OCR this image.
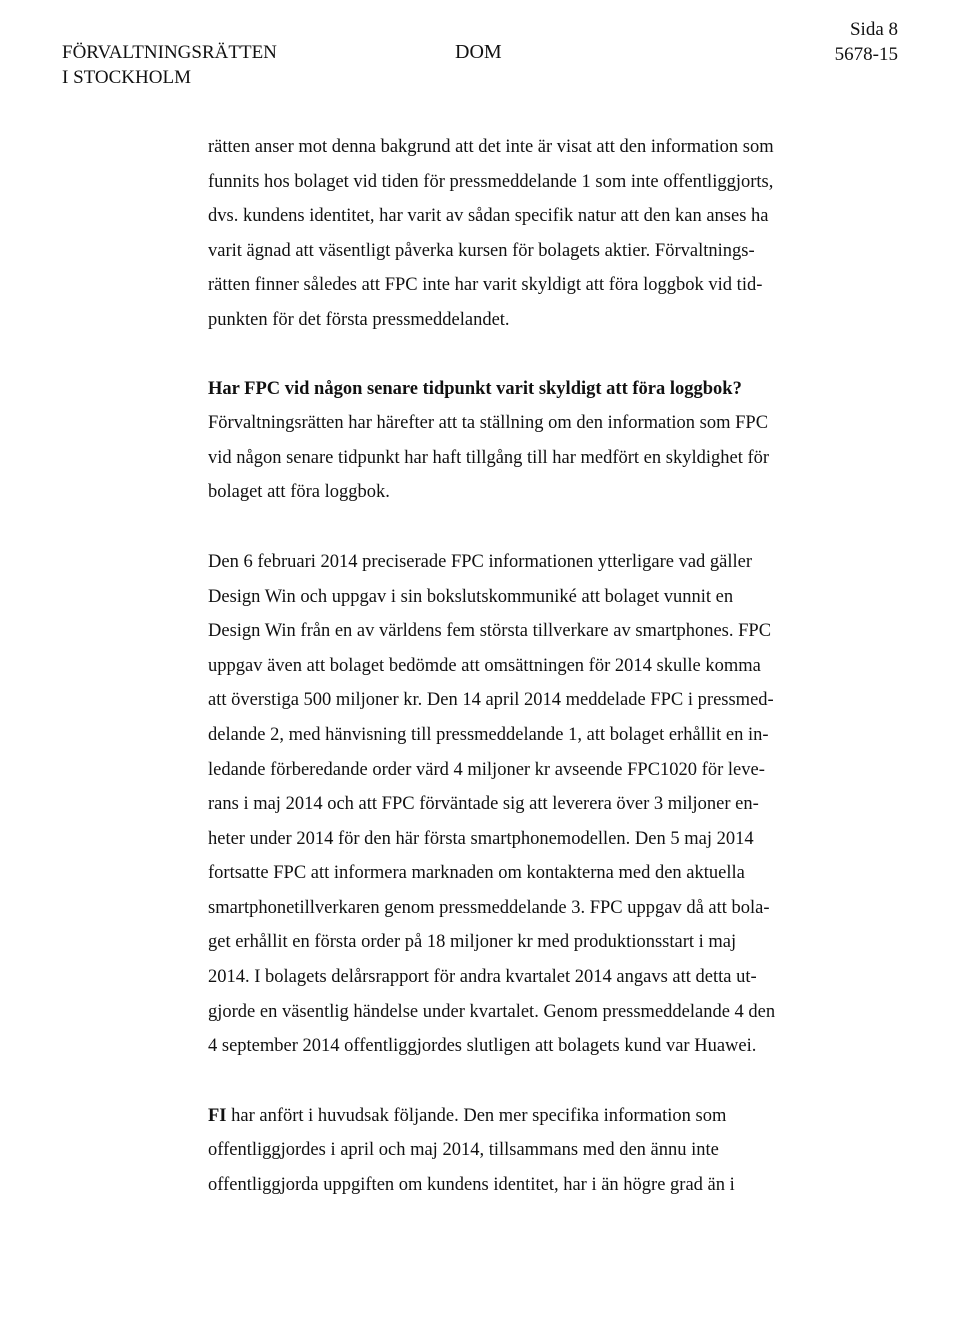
FÖRVALTNINGSRÄTTEN
I STOCKHOLM
DOM
Sida 8
5678-15

rätten anser mot denna bakgrund att det inte är visat att den information som
funnits hos bolaget vid tiden för pressmeddelande 1 som inte offentliggjorts,
dvs. kundens identitet, har varit av sådan specifik natur att den kan anses ha
varit ägnad att väsentligt påverka kursen för bolagets aktier. Förvaltnings-
rätten finner således att FPC inte har varit skyldigt att föra loggbok vid tid-
punkten för det första pressmeddelandet.

Har FPC vid någon senare tidpunkt varit skyldigt att föra loggbok?

Förvaltningsrätten har härefter att ta ställning om den information som FPC
vid någon senare tidpunkt har haft tillgång till har medfört en skyldighet för
bolaget att föra loggbok.

Den 6 februari 2014 preciserade FPC informationen ytterligare vad gäller
Design Win och uppgav i sin bokslutskommuniké att bolaget vunnit en
Design Win från en av världens fem största tillverkare av smartphones. FPC
uppgav även att bolaget bedömde att omsättningen för 2014 skulle komma
att överstiga 500 miljoner kr. Den 14 april 2014 meddelade FPC i pressmed-
delande 2, med hänvisning till pressmeddelande 1, att bolaget erhållit en in-
ledande förberedande order värd 4 miljoner kr avseende FPC1020 för leve-
rans i maj 2014 och att FPC förväntade sig att leverera över 3 miljoner en-
heter under 2014 för den här första smartphonemodellen. Den 5 maj 2014
fortsatte FPC att informera marknaden om kontakterna med den aktuella
smartphonetillverkaren genom pressmeddelande 3. FPC uppgav då att bola-
get erhållit en första order på 18 miljoner kr med produktionsstart i maj
2014. I bolagets delårsrapport för andra kvartalet 2014 angavs att detta ut-
gjorde en väsentlig händelse under kvartalet. Genom pressmeddelande 4 den
4 september 2014 offentliggjordes slutligen att bolagets kund var Huawei.

FI har anfört i huvudsak följande. Den mer specifika information som
offentliggjordes i april och maj 2014, tillsammans med den ännu inte
offentliggjorda uppgiften om kundens identitet, har i än högre grad än i
